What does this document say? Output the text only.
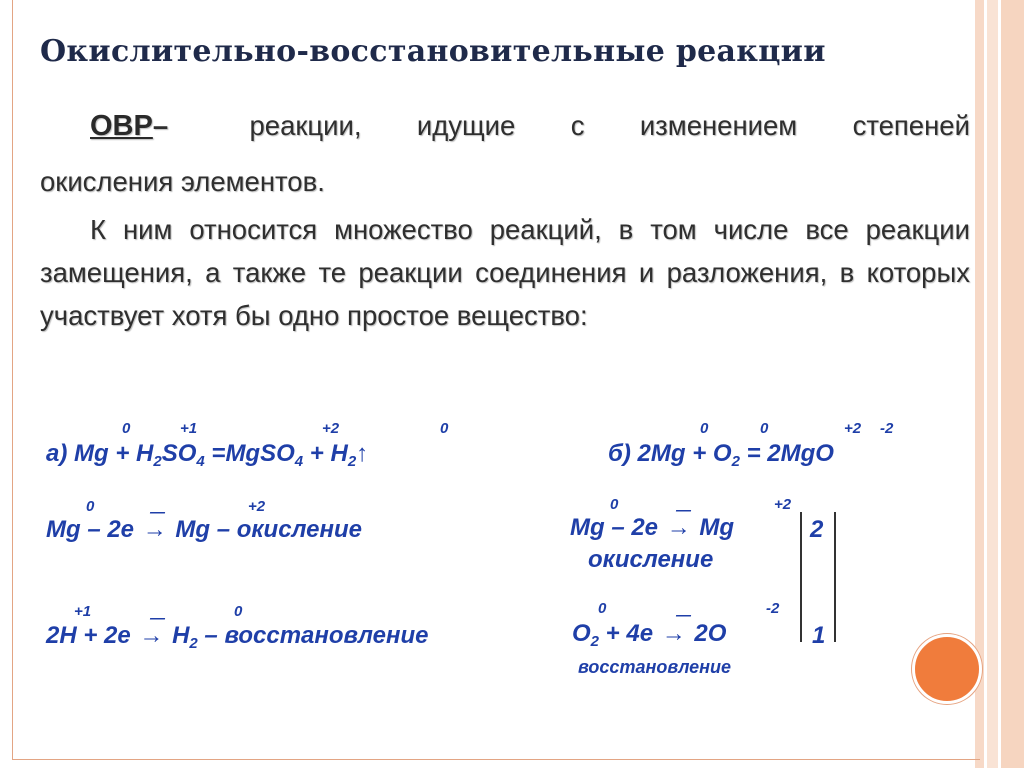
Окислительно-восстановительные реакции
ОВР–	реакции, идущие с изменением степеней
окисления элементов.
К ним относится множество реакций, в том числе все реакции замещения, а также те реакции соединения и разложения, в которых участвует хотя бы одно простое вещество:
0	+1	+2	0
а) $Mg + H_2SO_4$ =MgSO$_4$ + $H_2↑$
0	+2
—
Mg – 2e → Mg – окисление
+1	0
—
$2H + 2e \to H_2$ – восстановление
0	0	+2 -2
б) $2Mg + O_2 = 2MgO$
0	+2
—
Mg – 2e → Mg
окисление
2
0	-2
—
$O_2 + 4e \to 2O$
восстановление
1
